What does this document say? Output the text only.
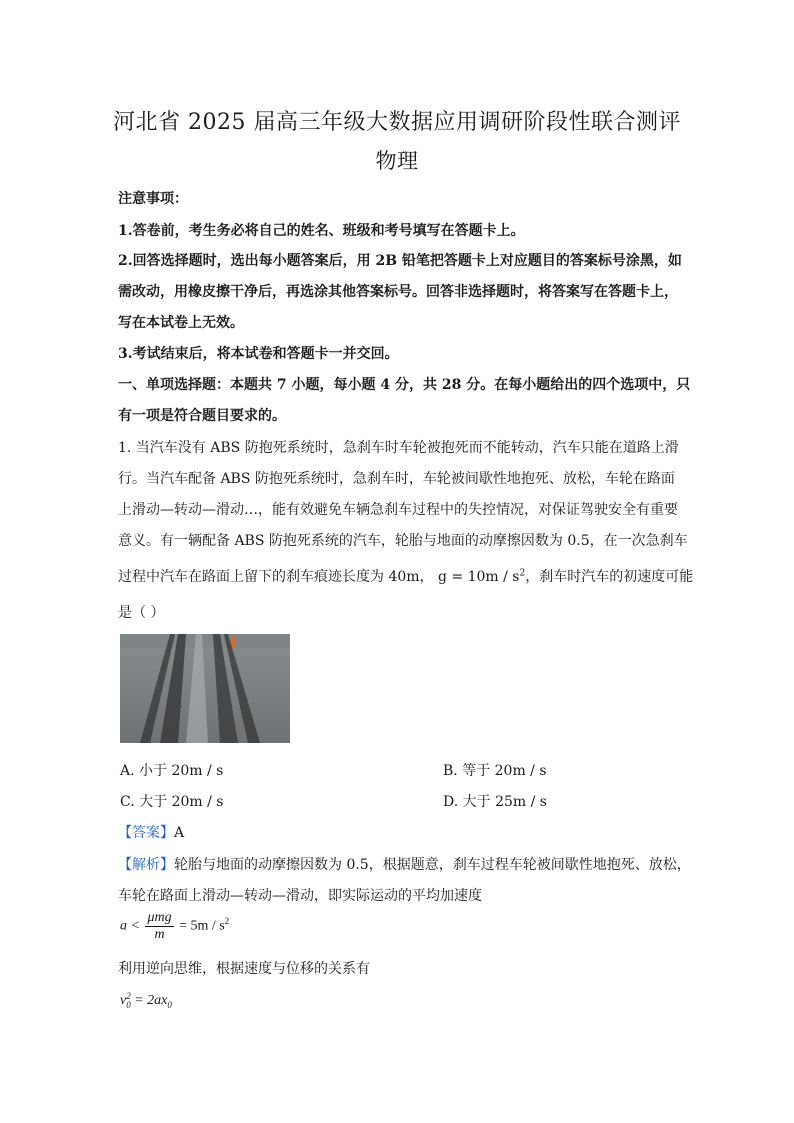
河北省 2025 届高三年级大数据应用调研阶段性联合测评
物理
注意事项：
1.答卷前，考生务必将自己的姓名、班级和考号填写在答题卡上。
2.回答选择题时，选出每小题答案后，用 2B 铅笔把答题卡上对应题目的答案标号涂黑，如
需改动，用橡皮擦干净后，再选涂其他答案标号。回答非选择题时，将答案写在答题卡上，
写在本试卷上无效。
3.考试结束后，将本试卷和答题卡一并交回。
一、单项选择题：本题共 7 小题，每小题 4 分，共 28 分。在每小题给出的四个选项中，只
有一项是符合题目要求的。
1. 当汽车没有 ABS 防抱死系统时，急刹车时车轮被抱死而不能转动，汽车只能在道路上滑
行。当汽车配备 ABS 防抱死系统时，急刹车时，车轮被间歇性地抱死、放松，车轮在路面
上滑动—转动—滑动…，能有效避免车辆急刹车过程中的失控情况，对保证驾驶安全有重要
意义。有一辆配备 ABS 防抱死系统的汽车，轮胎与地面的动摩擦因数为 0.5，在一次急刹车
过程中汽车在路面上留下的刹车痕迹长度为 40m， $g = 10m / s^2$，刹车时汽车的初速度可能
是（ ）
A. 小于 20m / s	B. 等于 20m / s
C. 大于 20m / s	D. 大于 25m / s
【答案】A
【解析】轮胎与地面的动摩擦因数为 0.5，根据题意，刹车过程车轮被间歇性地抱死、放松，
车轮在路面上滑动—转动—滑动，即实际运动的平均加速度
$a < \frac{\text{μmg}}{m} = 5m / s^2$
利用逆向思维，根据速度与位移的关系有
v 2
$0 = 2ax_0$
